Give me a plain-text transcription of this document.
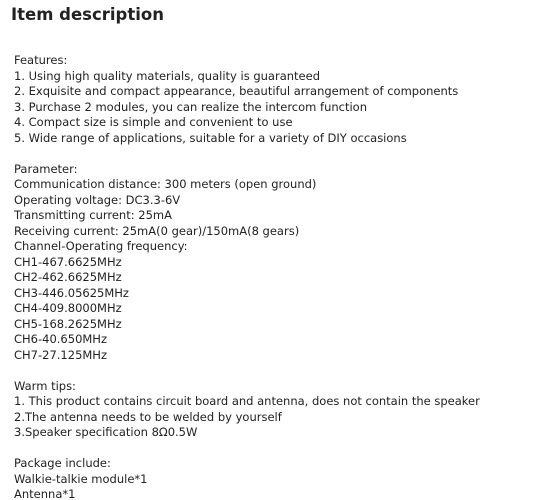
Item description
Features:
1. Using high quality materials, quality is guaranteed
2. Exquisite and compact appearance, beautiful arrangement of components
3. Purchase 2 modules, you can realize the intercom function
4. Compact size is simple and convenient to use
5. Wide range of applications, suitable for a variety of DIY occasions
Parameter:
Communication distance: 300 meters (open ground)
Operating voltage: DC3.3-6V
Transmitting current: 25mA
Receiving current: 25mA(0 gear)/150mA(8 gears)
Channel-Operating frequency:
CH1-467.6625MHz
CH2-462.6625MHz
CH3-446.05625MHz
CH4-409.8000MHz
CH5-168.2625MHz
CH6-40.650MHz
CH7-27.125MHz
Warm tips:
1. This product contains circuit board and antenna, does not contain the speaker
2.The antenna needs to be welded by yourself
3.Speaker specification 8Ω0.5W
Package include:
Walkie-talkie module*1
Antenna*1
